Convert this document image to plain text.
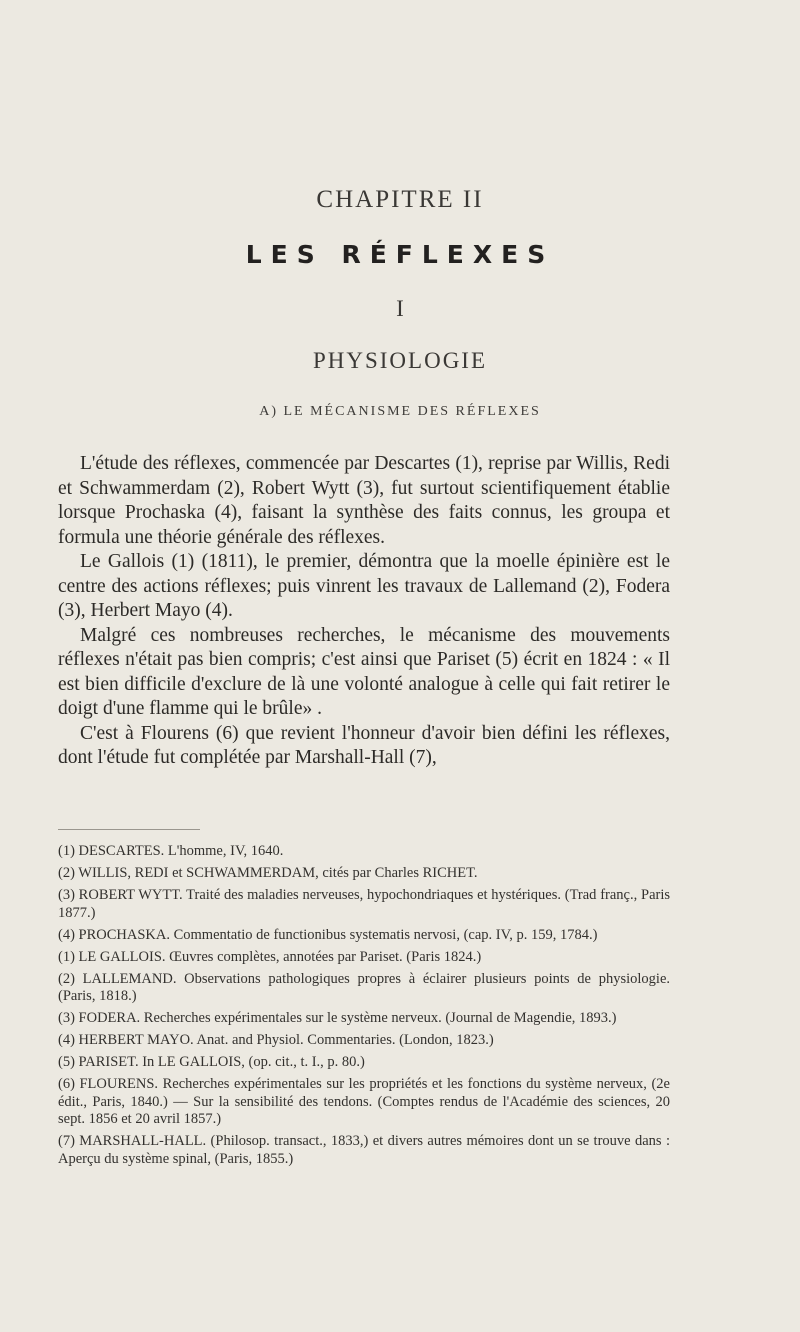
CHAPITRE II
LES RÉFLEXES
I
PHYSIOLOGIE
A) LE MÉCANISME DES RÉFLEXES

L'étude des réflexes, commencée par Descartes (1), reprise par Willis, Redi et Schwammerdam (2), Robert Wytt (3), fut surtout scientifiquement établie lorsque Prochaska (4), faisant la synthèse des faits connus, les groupa et formula une théorie générale des réflexes.

Le Gallois (1) (1811), le premier, démontra que la moelle épinière est le centre des actions réflexes; puis vinrent les travaux de Lallemand (2), Fodera (3), Herbert Mayo (4).

Malgré ces nombreuses recherches, le mécanisme des mouvements réflexes n'était pas bien compris; c'est ainsi que Pariset (5) écrit en 1824 : « Il est bien difficile d'exclure de là une volonté analogue à celle qui fait retirer le doigt d'une flamme qui le brûle» .

C'est à Flourens (6) que revient l'honneur d'avoir bien défini les réflexes, dont l'étude fut complétée par Marshall-Hall (7),

(1) DESCARTES. L'homme, IV, 1640.

(2) WILLIS, REDI et SCHWAMMERDAM, cités par Charles RICHET.

(3) ROBERT WYTT. Traité des maladies nerveuses, hypochondriaques et hystériques. (Trad franç., Paris 1877.)

(4) PROCHASKA. Commentatio de functionibus systematis nervosi, (cap. IV, p. 159, 1784.)

(1) LE GALLOIS. Œuvres complètes, annotées par Pariset. (Paris 1824.)

(2) LALLEMAND. Observations pathologiques propres à éclairer plusieurs points de physiologie. (Paris, 1818.)

(3) FODERA. Recherches expérimentales sur le système nerveux. (Journal de Magendie, 1893.)

(4) HERBERT MAYO. Anat. and Physiol. Commentaries. (London, 1823.)

(5) PARISET. In LE GALLOIS, (op. cit., t. I., p. 80.)

(6) FLOURENS. Recherches expérimentales sur les propriétés et les fonctions du système nerveux, (2e édit., Paris, 1840.) — Sur la sensibilité des tendons. (Comptes rendus de l'Académie des sciences, 20 sept. 1856 et 20 avril 1857.)

(7) MARSHALL-HALL. (Philosop. transact., 1833,) et divers autres mémoires dont un se trouve dans : Aperçu du système spinal, (Paris, 1855.)
